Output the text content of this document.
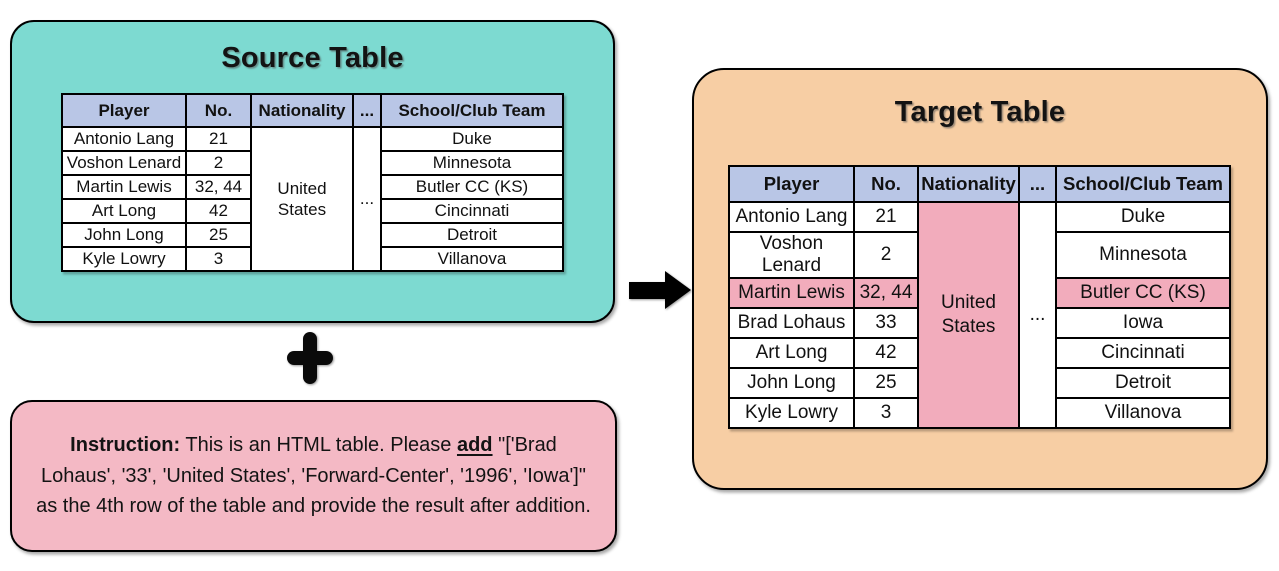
Source Table
Player	No.	Nationality	...	School/Club Team
Antonio Lang	21	United States	...	Duke
Voshon Lenard	2			Minnesota
Martin Lewis	32, 44			Butler CC (KS)
Art Long	42			Cincinnati
John Long	25			Detroit
Kyle Lowry	3			Villanova

Instruction: This is an HTML table. Please add "['Brad Lohaus', '33', 'United States', 'Forward-Center', '1996', 'Iowa']" as the 4th row of the table and provide the result after addition.

Target Table
Player	No.	Nationality	...	School/Club Team
Antonio Lang	21	United States	...	Duke
Voshon Lenard	2			Minnesota
Martin Lewis	32, 44			Butler CC (KS)
Brad Lohaus	33			Iowa
Art Long	42			Cincinnati
John Long	25			Detroit
Kyle Lowry	3			Villanova
